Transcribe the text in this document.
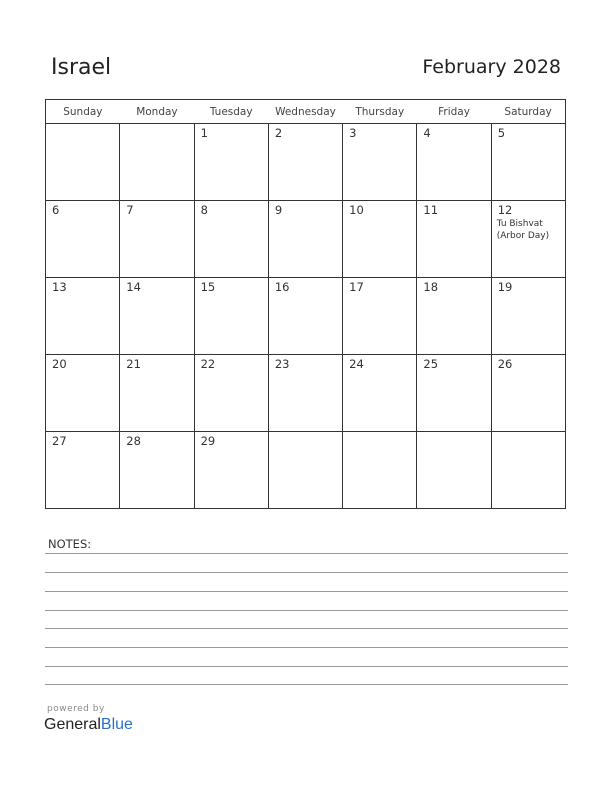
Israel	February 2028
Sunday	Monday	Tuesday	Wednesday	Thursday	Friday	Saturday

		1	2	3	4	5

6	7	8	9	10	11	12
Tu Bishvat
(Arbor Day)

13	14	15	16	17	18	19

20	21	22	23	24	25	26

27	28	29				

NOTES:
powered by
GeneralBlue
